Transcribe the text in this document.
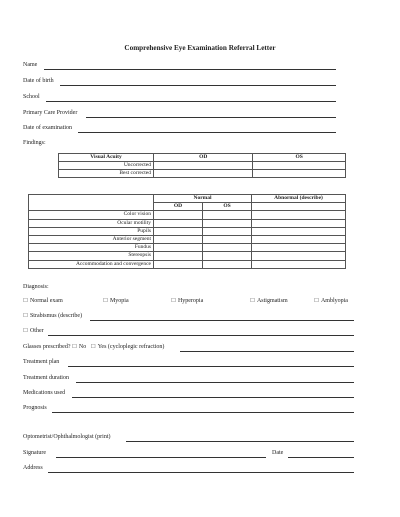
Comprehensive Eye Examination Referral Letter
Name
Date of birth
School
Primary Care Provider
Date of examination
Findings:
Visual Acuity	OD	OS
Uncorrected		
Best corrected		
	Normal		Abnormal (describe)
	OD	OS	
Color vision			
Ocular motility			
Pupils			
Anterior segment			
Fundus			
Stereopsis			
Accommodation and convergence			
Diagnosis:
☐ Normal exam	☐ Myopia	☐ Hyperopia	☐ Astigmatism	☐ Amblyopia
☐ Strabismus (describe)
☐ Other
Glasses prescribed? ☐ No ☐ Yes (cycloplegic refraction)
Treatment plan
Treatment duration
Medications used
Prognosis
Optometrist/Ophthalmologist (print)
Signature	Date
Address
